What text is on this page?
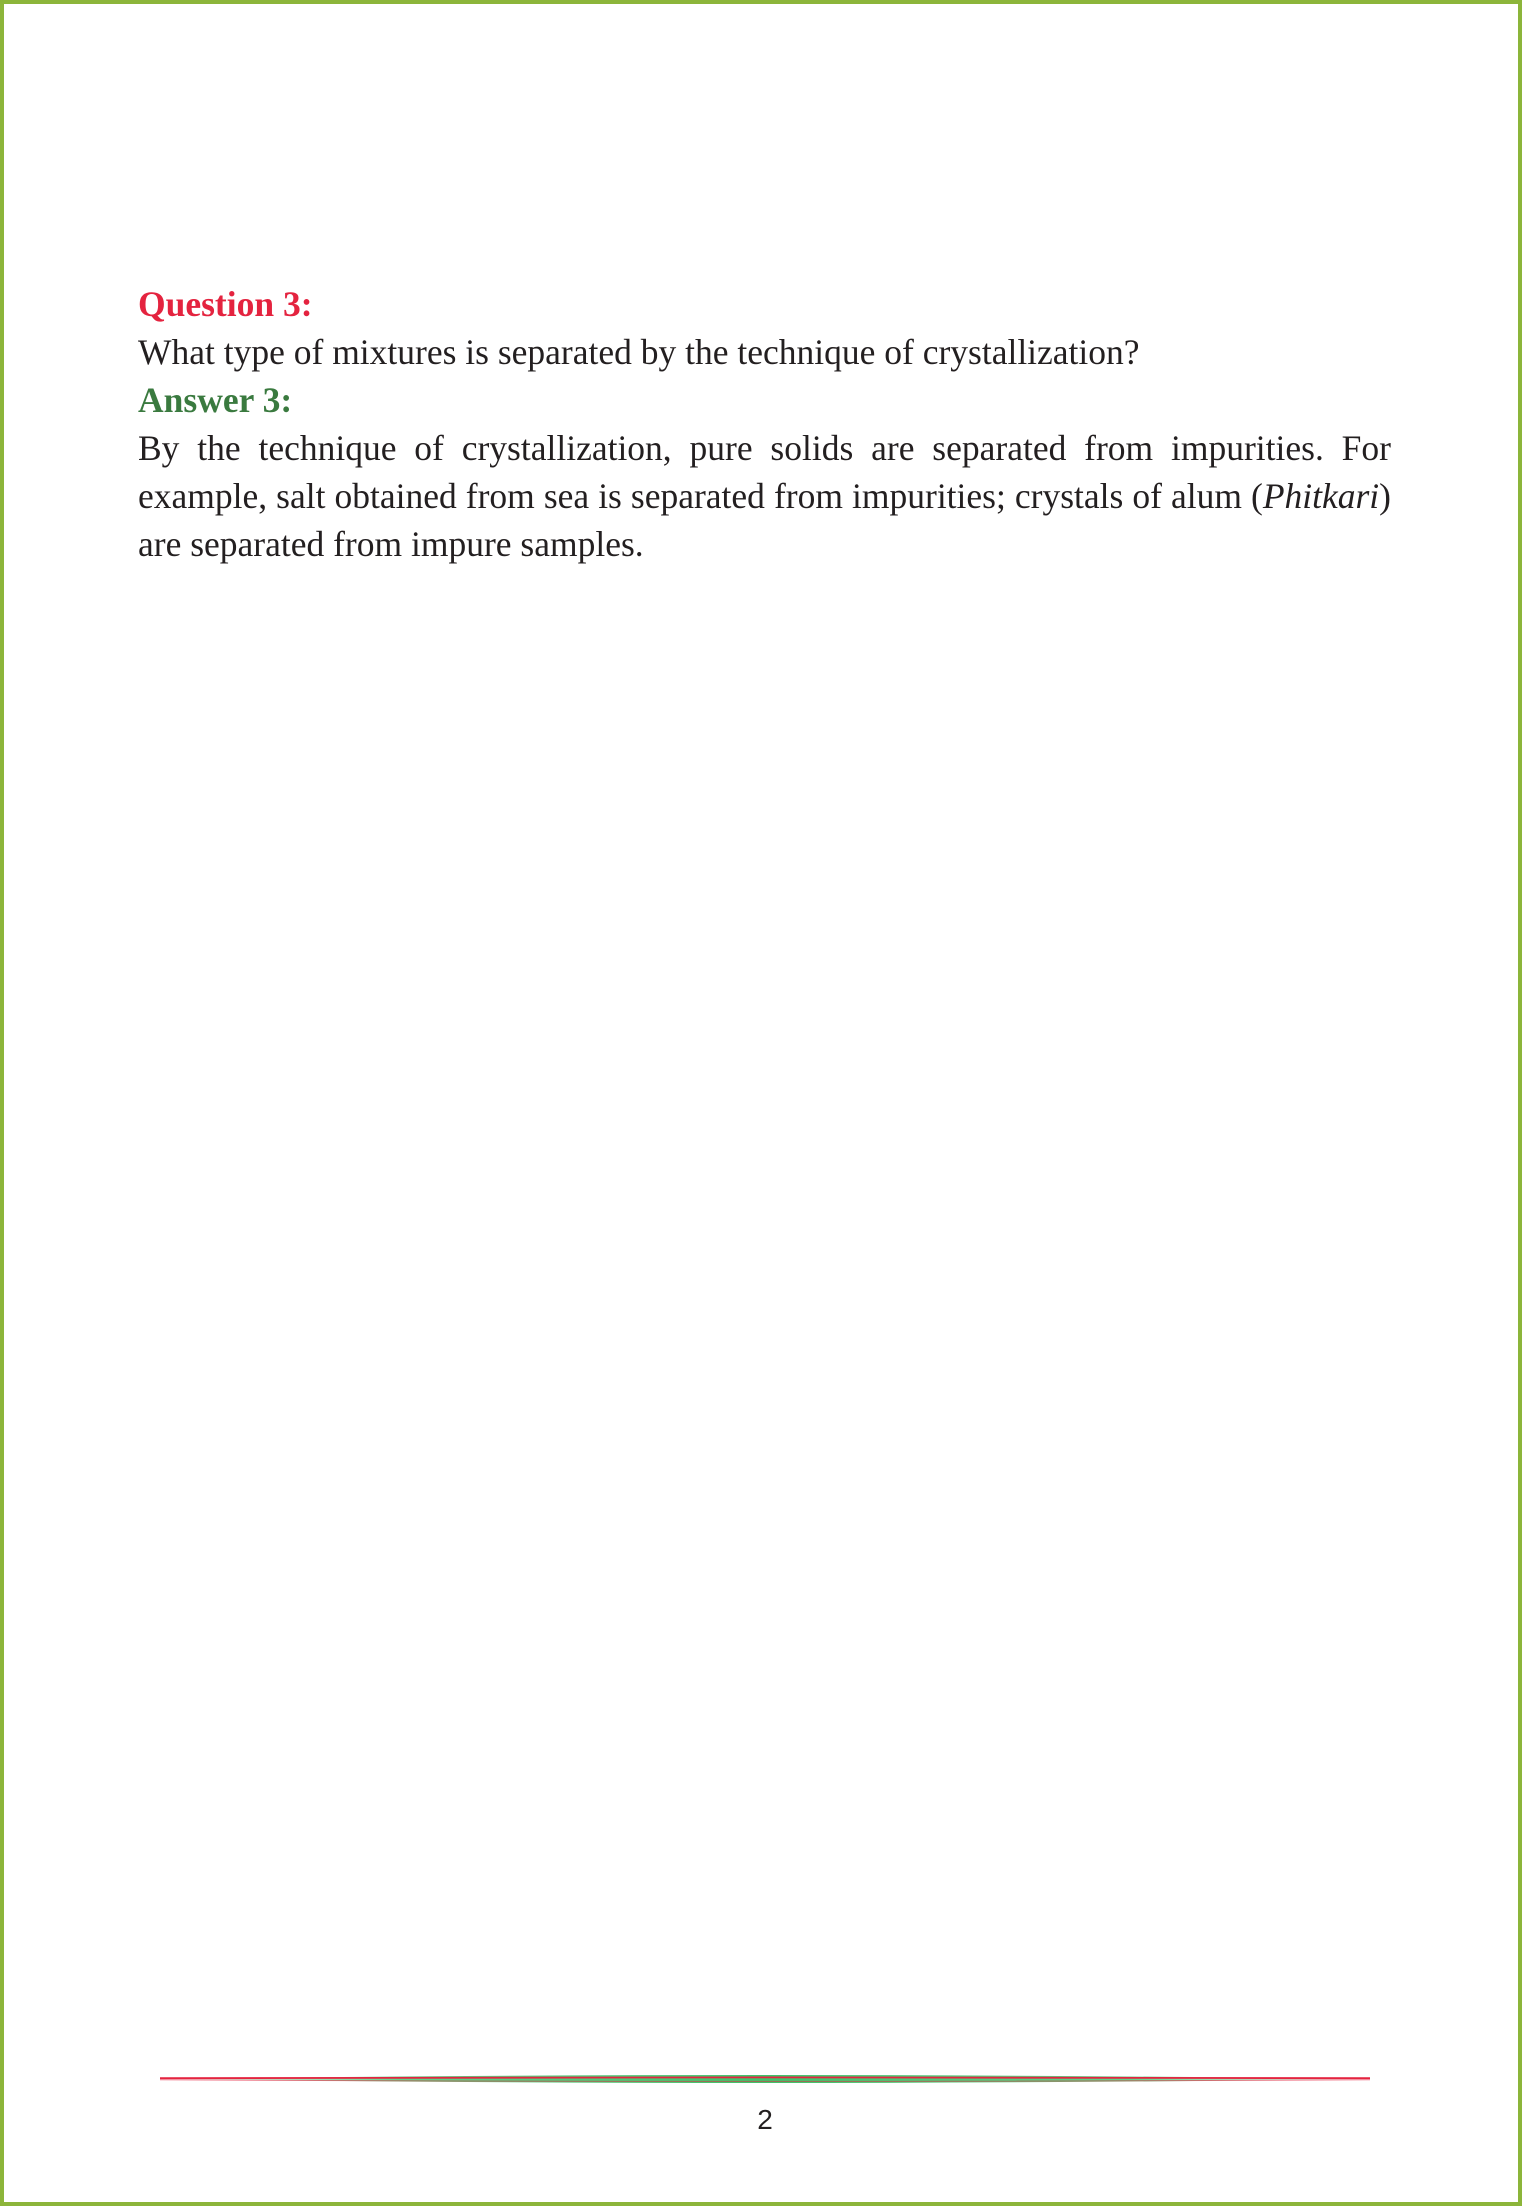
Question 3:

What type of mixtures is separated by the technique of crystallization?

Answer 3:

By the technique of crystallization, pure solids are separated from impurities. For example, salt obtained from sea is separated from impurities; crystals of alum (Phitkari) are separated from impure samples.

2
